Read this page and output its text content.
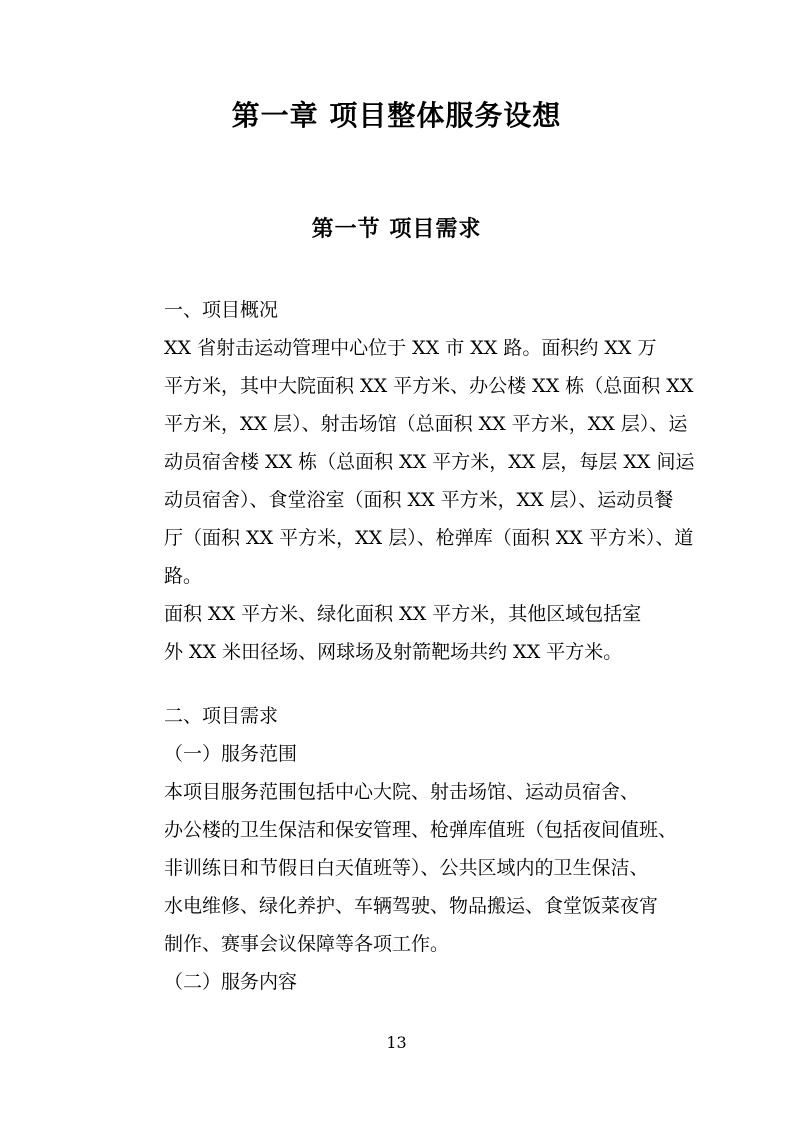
第一章 项目整体服务设想
第一节 项目需求

一、项目概况

XX 省射击运动管理中心位于 XX 市 XX 路。面积约 XX 万
平方米，其中大院面积 XX 平方米、办公楼 XX 栋（总面积 XX
平方米，XX 层）、射击场馆（总面积 XX 平方米，XX 层）、运
动员宿舍楼 XX 栋（总面积 XX 平方米，XX 层，每层 XX 间运
动员宿舍）、食堂浴室（面积 XX 平方米，XX 层）、运动员餐
厅（面积 XX 平方米，XX 层）、枪弹库（面积 XX 平方米）、道
路。

面积 XX 平方米、绿化面积 XX 平方米，其他区域包括室
外 XX 米田径场、网球场及射箭靶场共约 XX 平方米。

二、项目需求

（一）服务范围

本项目服务范围包括中心大院、射击场馆、运动员宿舍、
办公楼的卫生保洁和保安管理、枪弹库值班（包括夜间值班、
非训练日和节假日白天值班等）、公共区域内的卫生保洁、
水电维修、绿化养护、车辆驾驶、物品搬运、食堂饭菜夜宵
制作、赛事会议保障等各项工作。

（二）服务内容

13
